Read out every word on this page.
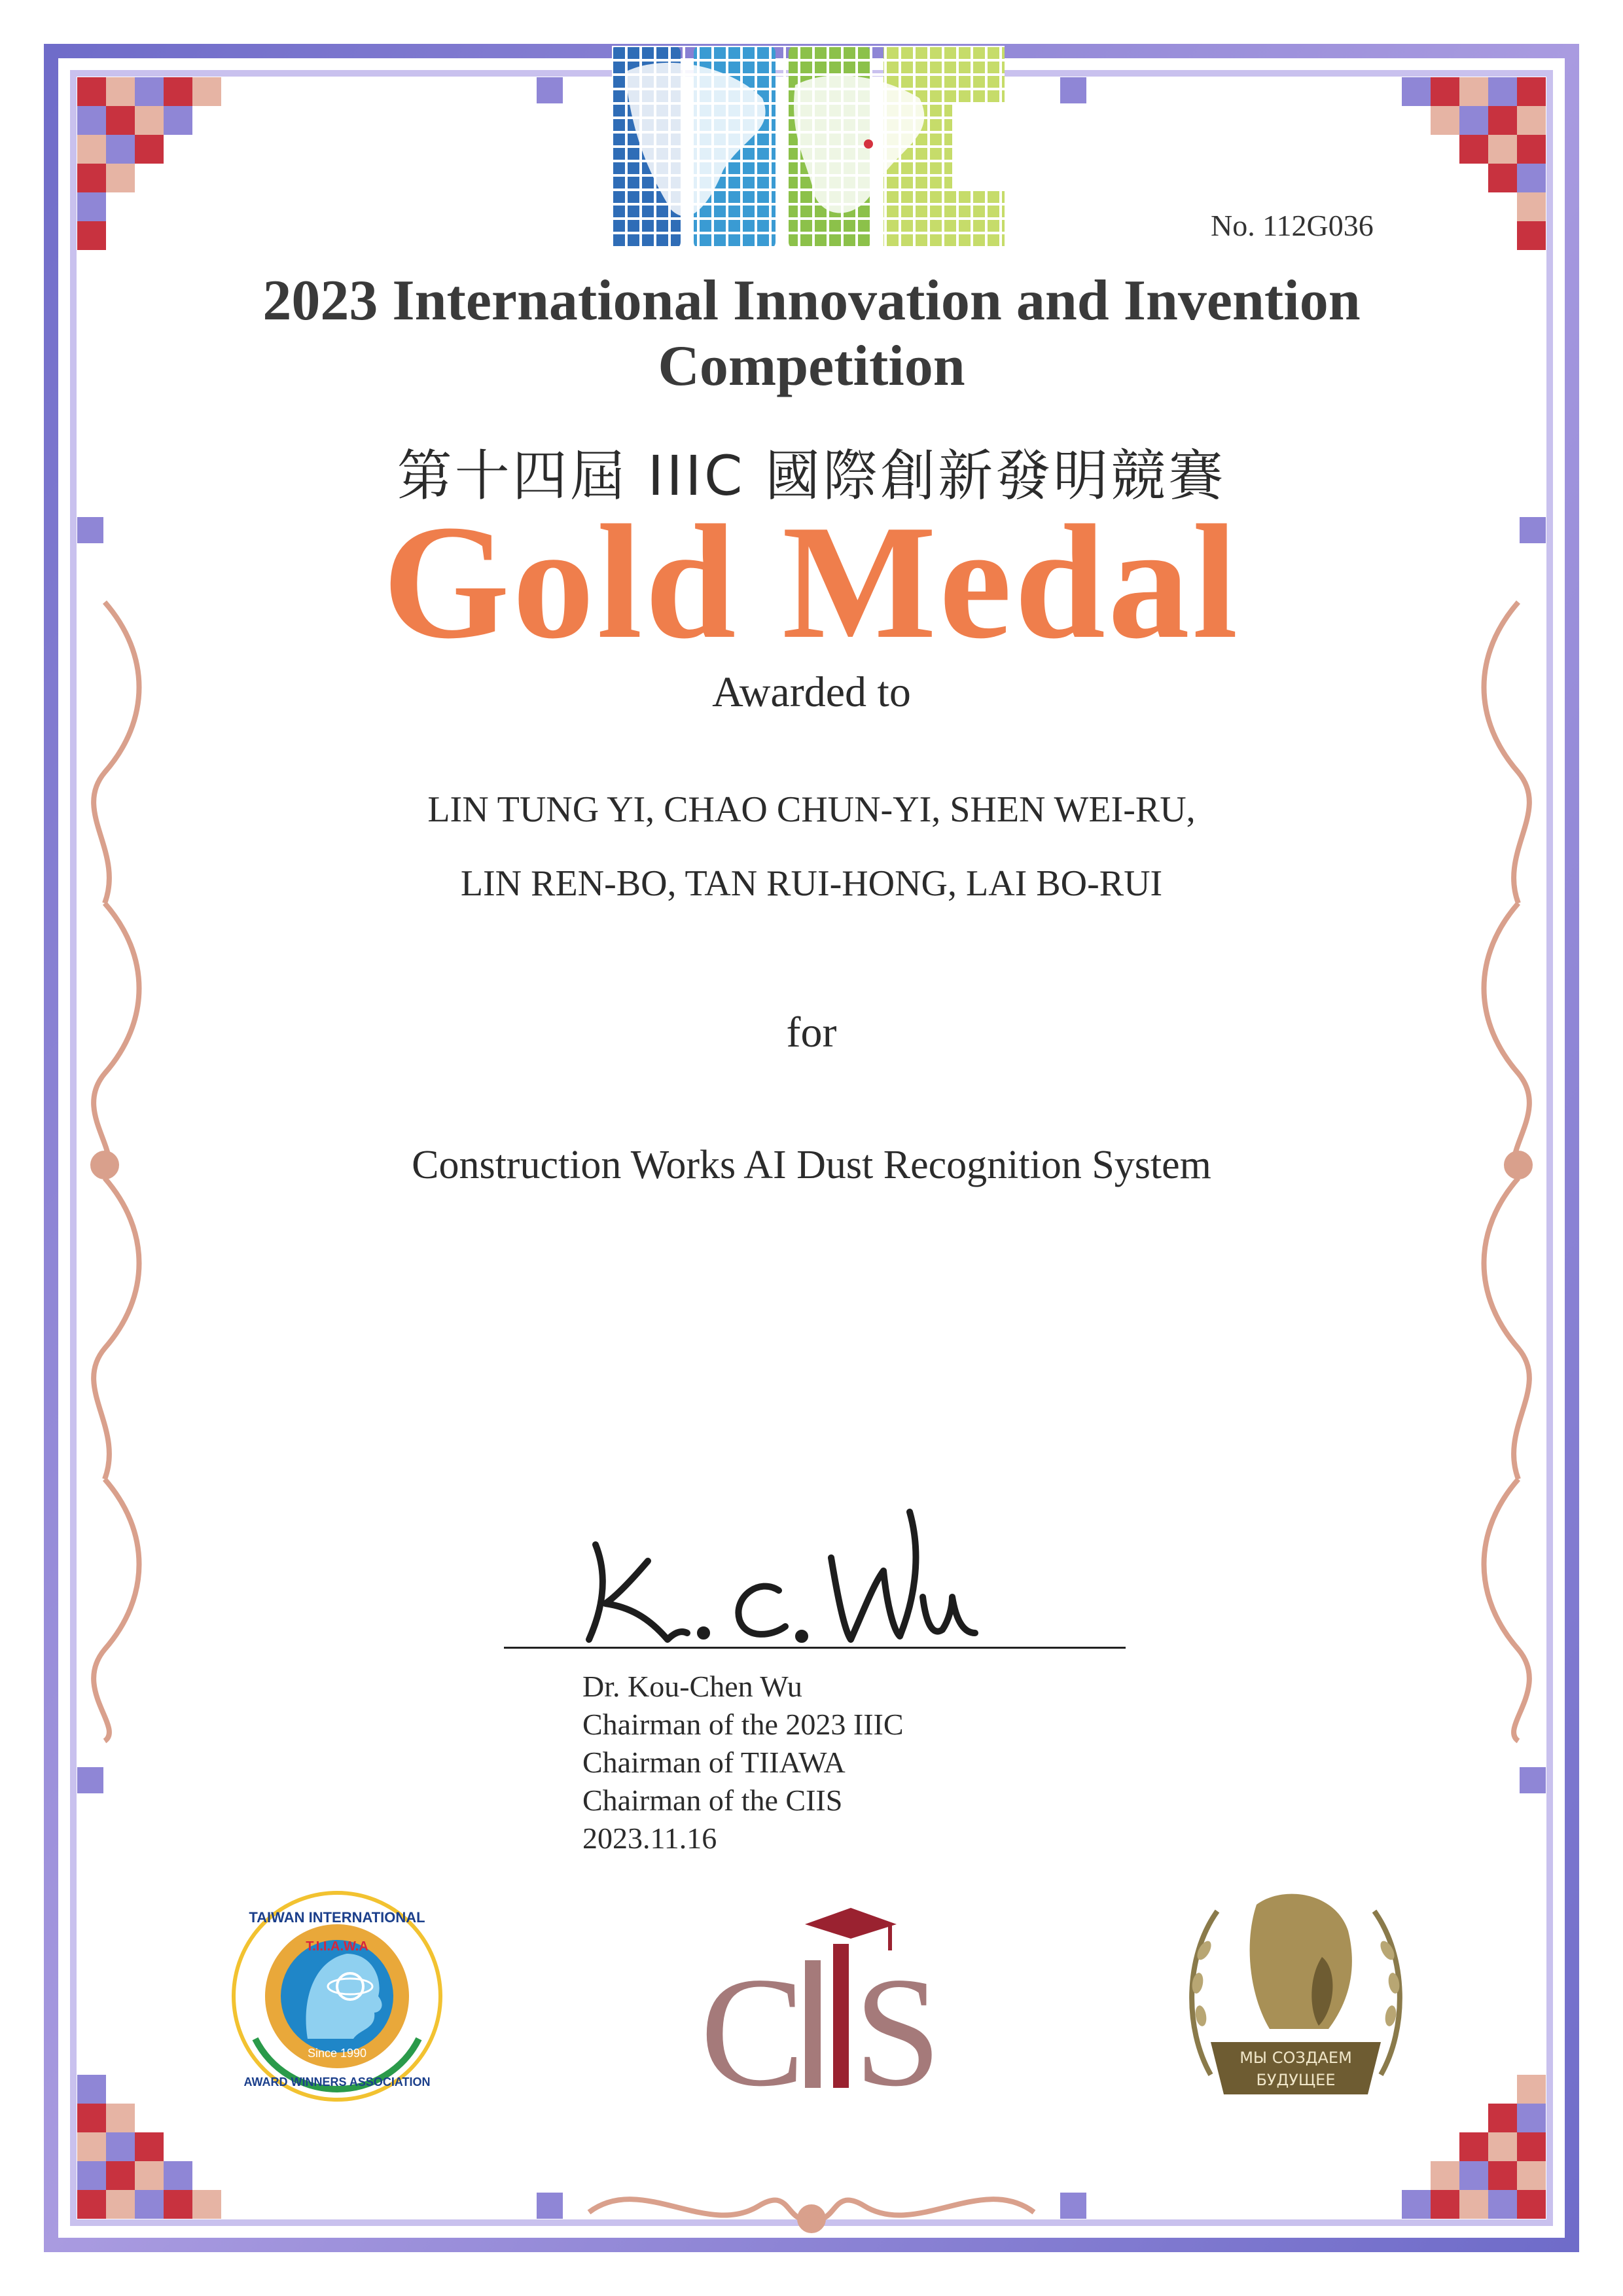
No. 112G036
2023 International Innovation and Invention
Competition
第十四屆 IIIC 國際創新發明競賽
Gold Medal
Awarded to
LIN TUNG YI, CHAO CHUN-YI, SHEN WEI-RU,
LIN REN-BO, TAN RUI-HONG, LAI BO-RUI
for
Construction Works AI Dust Recognition System
Dr. Kou-Chen Wu
Chairman of the 2023 IIIC
Chairman of TIIAWA
Chairman of the CIIS
2023.11.16
TAIWAN INTERNATIONAL
AWARD WINNERS ASSOCIATION
T.I.I.A.W.A
Since 1990 C S	МЫ СОЗДАЕМ
БУДУЩЕЕ
